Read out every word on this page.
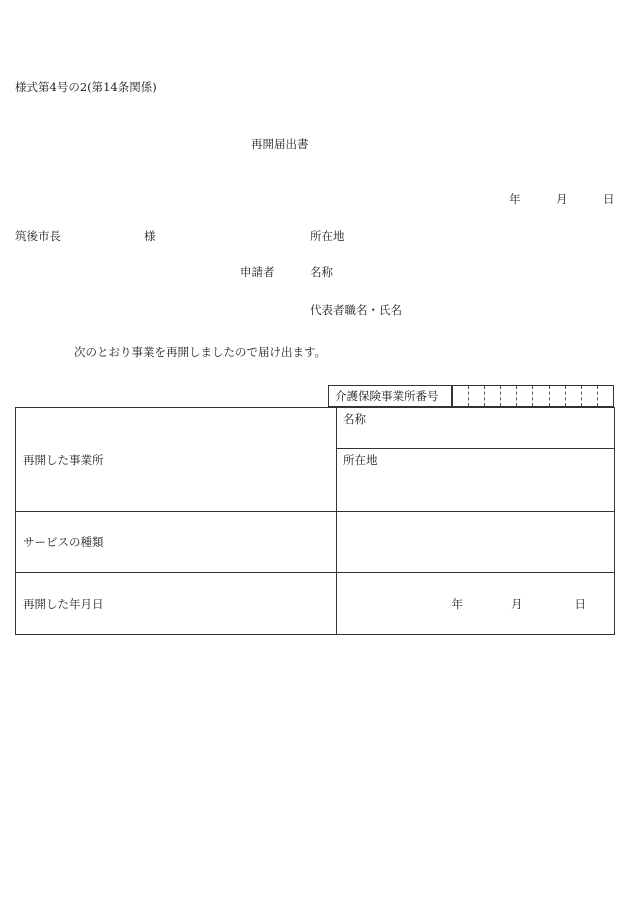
様式第4号の2(第14条関係)
再開届出書
年	月	日
筑後市長	様	所在地
申請者	名称
代表者職名・氏名
次のとおり事業を再開しましたので届け出ます。
介護保険事業所番号
再開した事業所	名称
所在地

サービスの種類	
再開した年月日	年 月 日
